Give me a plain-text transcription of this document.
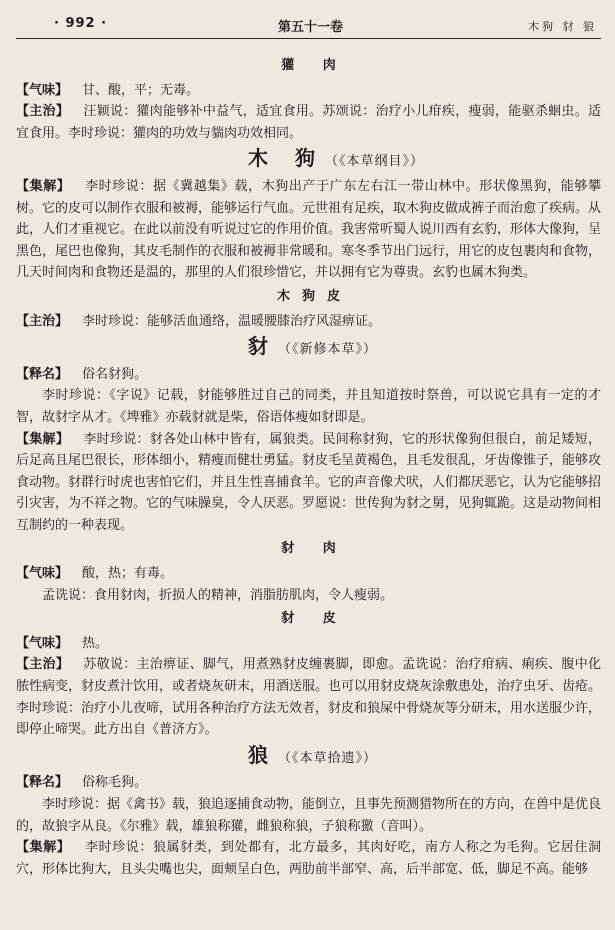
· 992 ·	第五十一卷	木狗 豺 狼
獾 肉

【气味】 甘、酸，平；无毒。

【主治】 汪颖说：獾肉能够补中益气，适宜食用。苏颂说：治疗小儿疳疾，瘦弱，能驱杀蛔虫。适宜食用。李时珍说：獾肉的功效与貒肉功效相同。

木 狗（《本草纲目》）

【集解】 李时珍说：据《冀越集》载，木狗出产于广东左右江一带山林中。形状像黑狗，能够攀树。它的皮可以制作衣服和被褥，能够运行气血。元世祖有足疾，取木狗皮做成裤子而治愈了疾病。从此，人们才重视它。在此以前没有听说过它的作用价值。我害常听蜀人说川西有玄豹，形体大像狗，呈黑色，尾巴也像狗，其皮毛制作的衣服和被褥非常暖和。寒冬季节出门远行，用它的皮包裹肉和食物，几天时间肉和食物还是温的，那里的人们很珍惜它，并以拥有它为尊贵。玄豹也属木狗类。

木狗皮

【主治】 李时珍说：能够活血通络，温暖腰膝治疗风湿痹证。

豺（《新修本草》）

【释名】 俗名豺狗。

李时珍说：《字说》记载，豺能够胜过自己的同类，并且知道按时祭兽，可以说它具有一定的才智，故豺字从才。《埤雅》亦载豺就是柴，俗语体瘦如豺即是。

【集解】 李时珍说：豺各处山林中皆有，属狼类。民间称豺狗，它的形状像狗但很白，前足矮短，后足高且尾巴很长，形体细小，精瘦而健壮勇猛。豺皮毛呈黄褐色，且毛发很乱，牙齿像锥子，能够攻食动物。豺群行时虎也害怕它们，并且生性喜捕食羊。它的声音像犬吠，人们都厌恶它，认为它能够招引灾害，为不祥之物。它的气味臊臭，令人厌恶。罗愿说：世传狗为豺之舅，见狗辄跪。这是动物间相互制约的一种表现。

豺 肉

【气味】 酸，热；有毒。

孟诜说：食用豺肉，折损人的精神，消脂肪肌肉，令人瘦弱。

豺 皮

【气味】 热。

【主治】 苏敬说：主治痹证、脚气，用煮熟豺皮缠裹脚，即愈。孟诜说：治疗疳病、痢疾、腹中化脓性病变，豺皮煮汁饮用，或者烧灰研末，用酒送服。也可以用豺皮烧灰涂敷患处，治疗虫牙、齿疮。李时珍说：治疗小儿夜啼，试用各种治疗方法无效者，豺皮和狼屎中骨烧灰等分研末，用水送服少许，即停止啼哭。此方出自《普济方》。

狼（《本草拾遗》）

【释名】 俗称毛狗。

李时珍说：据《禽书》载，狼追逐捕食动物，能倒立，且事先预测猎物所在的方向，在兽中是优良的，故狼字从良。《尔雅》载，雄狼称獾，雌狼称狼，子狼称獥（音叫）。

【集解】 李时珍说：狼属豺类，到处都有，北方最多，其肉好吃，南方人称之为毛狗。它居住洞穴，形体比狗大，且头尖嘴也尖，面颊呈白色，两肋前半部窄、高，后半部宽、低，脚足不高。能够
